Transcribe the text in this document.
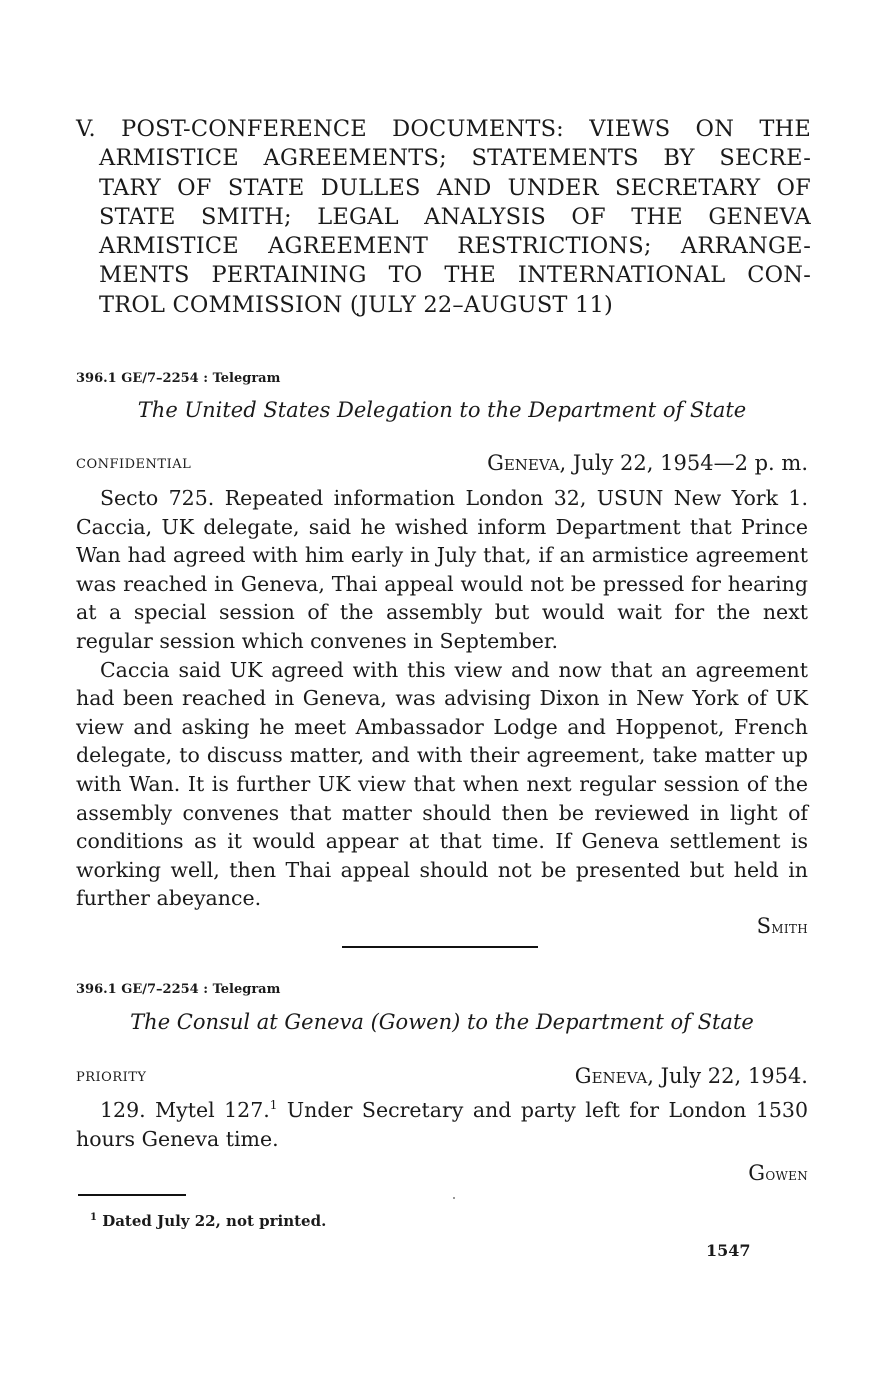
V. POST-CONFERENCE DOCUMENTS: VIEWS ON THE
ARMISTICE AGREEMENTS; STATEMENTS BY SECRE-
TARY OF STATE DULLES AND UNDER SECRETARY OF
STATE SMITH; LEGAL ANALYSIS OF THE GENEVA
ARMISTICE AGREEMENT RESTRICTIONS; ARRANGE-
MENTS PERTAINING TO THE INTERNATIONAL CON-
TROL COMMISSION (JULY 22–AUGUST 11)
396.1 GE/7–2254 : Telegram
The United States Delegation to the Department of State
CONFIDENTIAL	Geneva, July 22, 1954—2 p. m.

Secto 725. Repeated information London 32, USUN New York 1. Caccia, UK delegate, said he wished inform Department that Prince Wan had agreed with him early in July that, if an armistice agreement was reached in Geneva, Thai appeal would not be pressed for hearing at a special session of the assembly but would wait for the next regular session which convenes in September.

Caccia said UK agreed with this view and now that an agreement had been reached in Geneva, was advising Dixon in New York of UK view and asking he meet Ambassador Lodge and Hoppenot, French delegate, to discuss matter, and with their agreement, take matter up with Wan. It is further UK view that when next regular session of the assembly convenes that matter should then be reviewed in light of conditions as it would appear at that time. If Geneva settlement is working well, then Thai appeal should not be presented but held in further abeyance.

Smith
396.1 GE/7–2254 : Telegram
The Consul at Geneva (Gowen) to the Department of State
PRIORITY	Geneva, July 22, 1954.

129. Mytel 127.$^1$ Under Secretary and party left for London 1530 hours Geneva time.

Gowen
$^1$ Dated July 22, not printed.
1547
